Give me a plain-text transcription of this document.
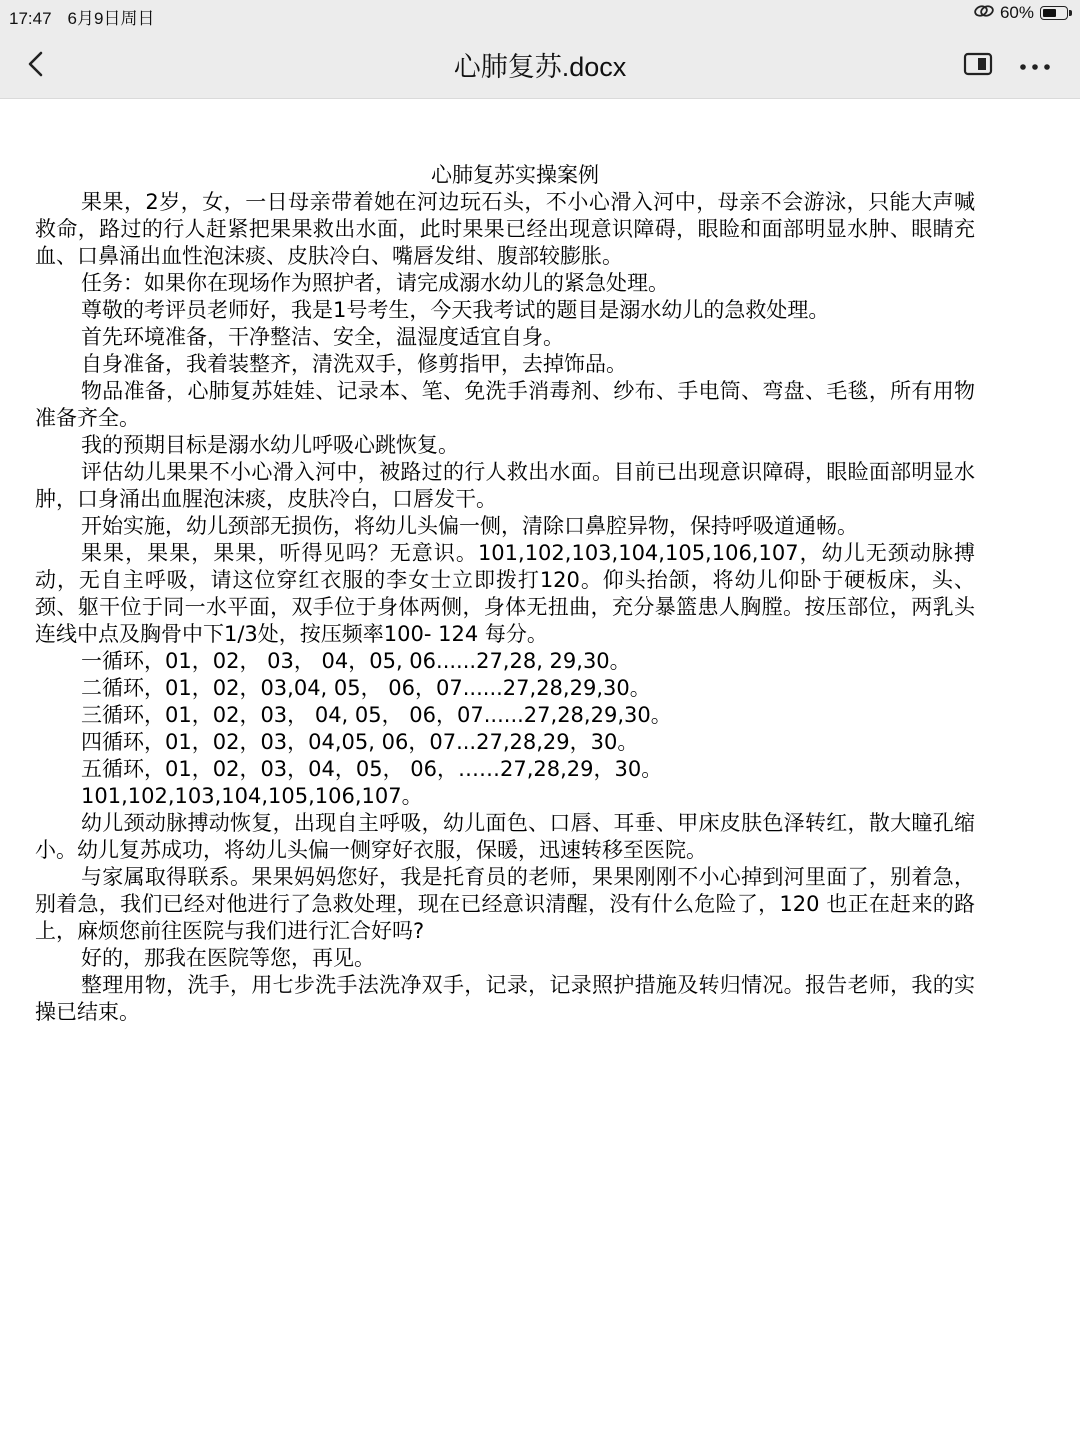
17:47 6月9日周日	60%
心肺复苏.docx
心肺复苏实操案例

果果，2岁，女，一日母亲带着她在河边玩石头，不小心滑入河中，母亲不会游泳，只能大声喊救命，路过的行人赶紧把果果救出水面，此时果果已经出现意识障碍，眼睑和面部明显水肿、眼睛充血、口鼻涌出血性泡沫痰、皮肤冷白、嘴唇发绀、腹部较膨胀。

任务：如果你在现场作为照护者，请完成溺水幼儿的紧急处理。

尊敬的考评员老师好，我是1号考生，今天我考试的题目是溺水幼儿的急救处理。

首先环境准备，干净整洁、安全，温湿度适宜自身。

自身准备，我着装整齐，清洗双手，修剪指甲，去掉饰品。

物品准备，心肺复苏娃娃、记录本、笔、免洗手消毒剂、纱布、手电筒、弯盘、毛毯，所有用物准备齐全。

我的预期目标是溺水幼儿呼吸心跳恢复。

评估幼儿果果不小心滑入河中，被路过的行人救出水面。目前已出现意识障碍，眼睑面部明显水肿，口身涌出血腥泡沫痰，皮肤冷白，口唇发干。

开始实施，幼儿颈部无损伤，将幼儿头偏一侧，清除口鼻腔异物，保持呼吸道通畅。

果果，果果，果果，听得见吗？无意识。101,102,103,104,105,106,107，幼儿无颈动脉搏动，无自主呼吸，请这位穿红衣服的李女士立即拨打120。仰头抬颌，将幼儿仰卧于硬板床，头、颈、躯干位于同一水平面，双手位于身体两侧，身体无扭曲，充分暴篮患人胸膛。按压部位，两乳头连线中点及胸骨中下1/3处，按压频率100- 124 每分。

一循环，01，02， 03， 04，05, 06......27,28, 29,30。

二循环，01，02，03,04, 05， 06，07......27,28,29,30。

三循环，01，02，03， 04, 05， 06，07......27,28,29,30。

四循环，01，02，03，04,05, 06，07...27,28,29，30。

五循环，01，02，03，04，05， 06，……27,28,29，30。

101,102,103,104,105,106,107。

幼儿颈动脉搏动恢复，出现自主呼吸，幼儿面色、口唇、耳垂、甲床皮肤色泽转红，散大瞳孔缩小。幼儿复苏成功，将幼儿头偏一侧穿好衣服，保暖，迅速转移至医院。

与家属取得联系。果果妈妈您好，我是托育员的老师，果果刚刚不小心掉到河里面了，别着急，别着急，我们已经对他进行了急救处理，现在已经意识清醒，没有什么危险了，120 也正在赶来的路上，麻烦您前往医院与我们进行汇合好吗?

好的，那我在医院等您，再见。

整理用物，洗手，用七步洗手法洗净双手，记录，记录照护措施及转归情况。报告老师，我的实操已结束。
